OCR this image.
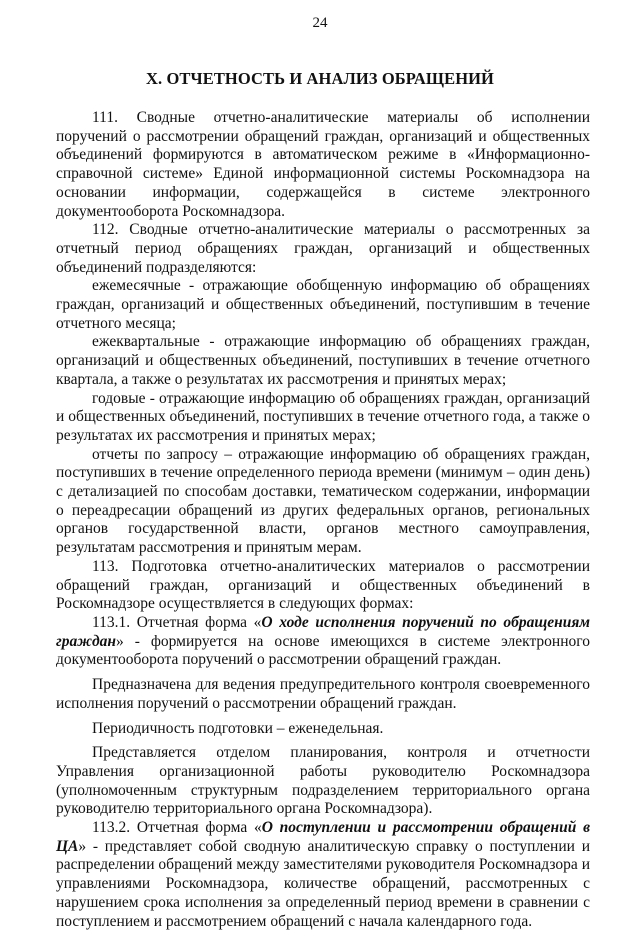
24
X. ОТЧЕТНОСТЬ И АНАЛИЗ ОБРАЩЕНИЙ

111. Сводные отчетно-аналитические материалы об исполнении поручений о рассмотрении обращений граждан, организаций и общественных объединений формируются в автоматическом режиме в «Информационно-справочной системе» Единой информационной системы Роскомнадзора на основании информации, содержащейся в системе электронного документооборота Роскомнадзора.

112. Сводные отчетно-аналитические материалы о рассмотренных за отчетный период обращениях граждан, организаций и общественных объединений подразделяются:

ежемесячные - отражающие обобщенную информацию об обращениях граждан, организаций и общественных объединений, поступившим в течение отчетного месяца;

ежеквартальные - отражающие информацию об обращениях граждан, организаций и общественных объединений, поступивших в течение отчетного квартала, а также о результатах их рассмотрения и принятых мерах;

годовые - отражающие информацию об обращениях граждан, организаций и общественных объединений, поступивших в течение отчетного года, а также о результатах их рассмотрения и принятых мерах;

отчеты по запросу – отражающие информацию об обращениях граждан, поступивших в течение определенного периода времени (минимум – один день) с детализацией по способам доставки, тематическом содержании, информации о переадресации обращений из других федеральных органов, региональных органов государственной власти, органов местного самоуправления, результатам рассмотрения и принятым мерам.

113. Подготовка отчетно-аналитических материалов о рассмотрении обращений граждан, организаций и общественных объединений в Роскомнадзоре осуществляется в следующих формах:

113.1. Отчетная форма «О ходе исполнения поручений по обращениям граждан» - формируется на основе имеющихся в системе электронного документооборота поручений о рассмотрении обращений граждан.

Предназначена для ведения предупредительного контроля своевременного исполнения поручений о рассмотрении обращений граждан.

Периодичность подготовки – еженедельная.

Представляется отделом планирования, контроля и отчетности Управления организационной работы руководителю Роскомнадзора (уполномоченным структурным подразделением территориального органа руководителю территориального органа Роскомнадзора).

113.2. Отчетная форма «О поступлении и рассмотрении обращений в ЦА» - представляет собой сводную аналитическую справку о поступлении и распределении обращений между заместителями руководителя Роскомнадзора и управлениями Роскомнадзора, количестве обращений, рассмотренных с нарушением срока исполнения за определенный период времени в сравнении с поступлением и рассмотрением обращений с начала календарного года.
